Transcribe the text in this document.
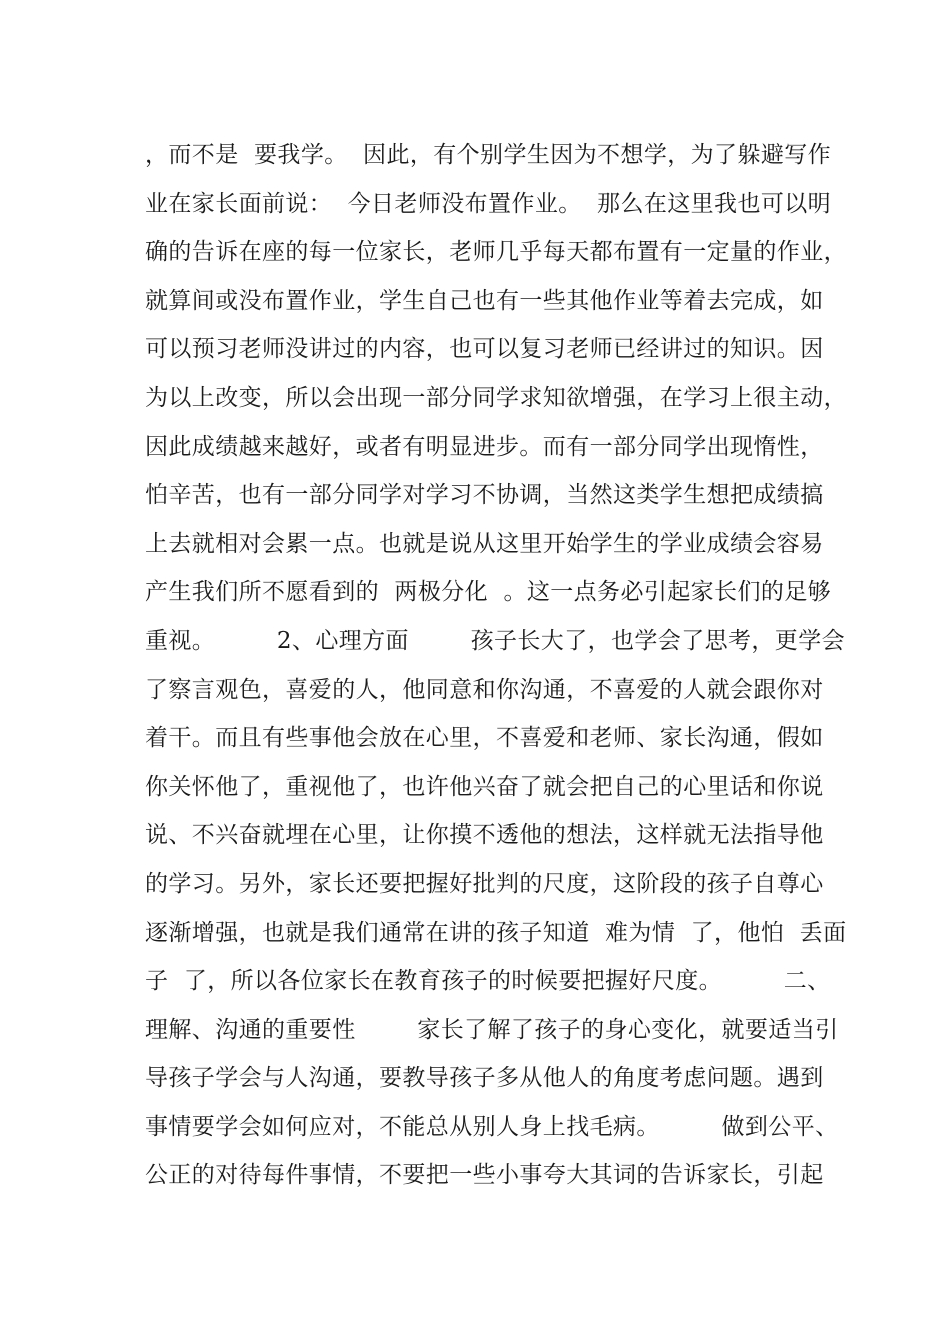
，而不是  要我学。  因此，有个别学生因为不想学，为了躲避写作
业在家长面前说：  今日老师没布置作业。  那么在这里我也可以明
确的告诉在座的每一位家长，老师几乎每天都布置有一定量的作业，
就算间或没布置作业，学生自己也有一些其他作业等着去完成，如
可以预习老师没讲过的内容，也可以复习老师已经讲过的知识。因
为以上改变，所以会出现一部分同学求知欲增强，在学习上很主动，
因此成绩越来越好，或者有明显进步。而有一部分同学出现惰性，
怕辛苦，也有一部分同学对学习不协调，当然这类学生想把成绩搞
上去就相对会累一点。也就是说从这里开始学生的学业成绩会容易
产生我们所不愿看到的  两极分化  。这一点务必引起家长们的足够
重视。        2、心理方面        孩子长大了，也学会了思考，更学会
了察言观色，喜爱的人，他同意和你沟通，不喜爱的人就会跟你对
着干。而且有些事他会放在心里，不喜爱和老师、家长沟通，假如
你关怀他了，重视他了，也许他兴奋了就会把自己的心里话和你说
说、不兴奋就埋在心里，让你摸不透他的想法，这样就无法指导他
的学习。另外，家长还要把握好批判的尺度，这阶段的孩子自尊心
逐渐增强，也就是我们通常在讲的孩子知道  难为情  了，他怕  丢面
子  了，所以各位家长在教育孩子的时候要把握好尺度。        二、
理解、沟通的重要性        家长了解了孩子的身心变化，就要适当引
导孩子学会与人沟通，要教导孩子多从他人的角度考虑问题。遇到
事情要学会如何应对，不能总从别人身上找毛病。        做到公平、
公正的对待每件事情，不要把一些小事夸大其词的告诉家长，引起
